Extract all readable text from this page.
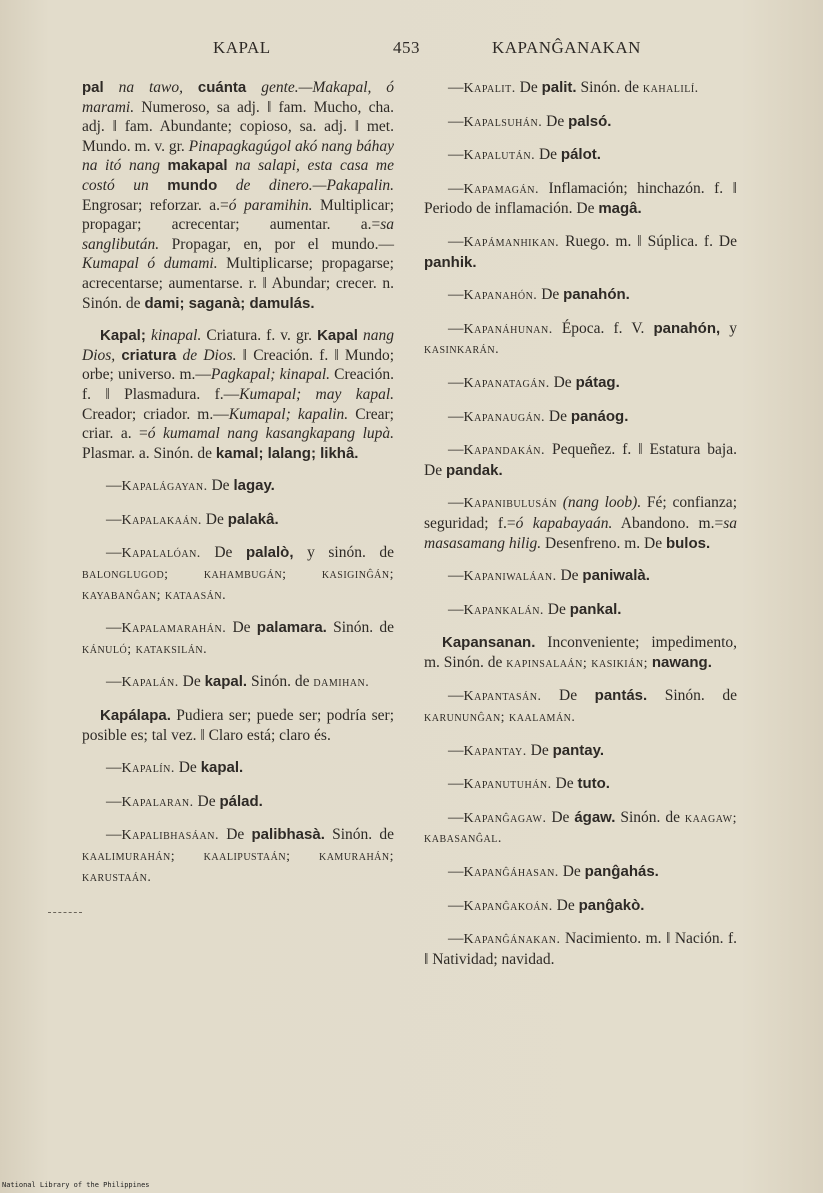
KAPAL	453	KAPANĜANAKAN

pal na tawo, cuánta gente.—Makapal, ó marami. Numeroso, sa adj. ‖ fam. Mucho, cha. adj. ‖ fam. Abundante; copioso, sa. adj. ‖ met. Mundo. m. v. gr. Pinapagkagúgol akó nang báhay na itó nang makapal na salapi, esta casa me costó un mundo de dinero.—Pakapalin. Engrosar; reforzar. a.=ó paramihin. Multiplicar; propagar; acrecentar; aumentar. a.=sa sanglibután. Propagar, en, por el mundo.—Kumapal ó dumami. Multiplicarse; propagarse; acrecentarse; aumentarse. r. ‖ Abundar; crecer. n. Sinón. de dami; saganà; damulás.

Kapal; kinapal. Criatura. f. v. gr. Kapal nang Dios, criatura de Dios. ‖ Creación. f. ‖ Mundo; orbe; universo. m.—Pagkapal; kinapal. Creación. f. ‖ Plasmadura. f.—Kumapal; may kapal. Creador; criador. m.—Kumapal; kapalin. Crear; criar. a. =ó kumamal nang kasangkapang lupà. Plasmar. a. Sinón. de kamal; lalang; likhâ.

—Kapalágayan. De lagay.

—Kapalakaán. De palakâ.

—Kapalalóan. De palalò, y sinón. de balonglugod; kahambugán; kasiginĝán; kayabanĝan; kataasán.

—Kapalamarahán. De palamara. Sinón. de kánuló; kataksilán.

—Kapalán. De kapal. Sinón. de damihan.

Kapálapa. Pudiera ser; puede ser; podría ser; posible es; tal vez. ‖ Claro está; claro és.

—Kapalín. De kapal.

—Kapalaran. De pálad.

—Kapalibhasáan. De palibhasà. Sinón. de kaalimurahán; kaalipustaán; kamurahán; karustaán.

—Kapalit. De palit. Sinón. de kahalilí.

—Kapalsuhán. De palsó.

—Kapalután. De pálot.

—Kapamagán. Inflamación; hinchazón. f. ‖ Periodo de inflamación. De magâ.

—Kapámanhikan. Ruego. m. ‖ Súplica. f. De panhik.

—Kapanahón. De panahón.

—Kapanáhunan. Época. f. V. panahón, y kasinkarán.

—Kapanatagán. De pátag.

—Kapanaugán. De panáog.

—Kapandakán. Pequeñez. f. ‖ Estatura baja. De pandak.

—Kapanibulusán (nang loob). Fé; confianza; seguridad; f.=ó kapabayaán. Abandono. m.=sa masasamang hilig. Desenfreno. m. De bulos.

—Kapaniwaláan. De paniwalà.

—Kapankalán. De pankal.

Kapansanan. Inconveniente; impedimento, m. Sinón. de kapinsalaán; kasikián; nawang.

—Kapantasán. De pantás. Sinón. de karununĝan; kaalamán.

—Kapantay. De pantay.

—Kapanutuhán. De tuto.

—Kapanĝagaw. De ágaw. Sinón. de kaagaw; kabasanĝal.

—Kapanĝáhasan. De panĝahás.

—Kapanĝakoán. De panĝakò.

—Kapanĝánakan. Nacimiento. m. ‖ Nación. f. ‖ Natividad; navidad.

National Library of the Philippines
